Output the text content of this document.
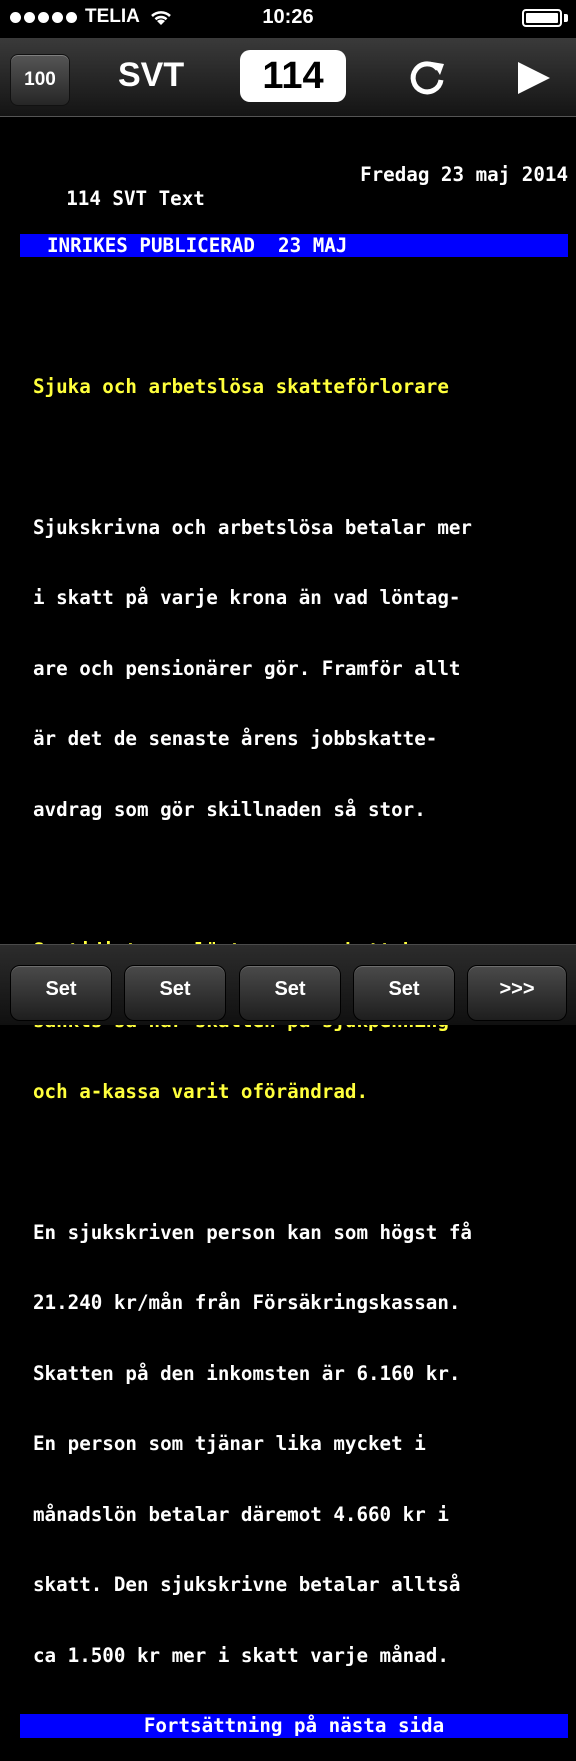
TELIA	10:26
100	SVT	114

114 SVT Text

Fredag 23 maj 2014

INRIKES PUBLICERAD  23 MAJ

Sjuka och arbetslösa skatteförlorare

Sjukskrivna och arbetslösa betalar mer

i skatt på varje krona än vad löntag-

are och pensionärer gör. Framför allt

är det de senaste årens jobbskatte-

avdrag som gör skillnaden så stor.

och a-kassa varit oförändrad.

En sjukskriven person kan som högst få

21.240 kr/mån från Försäkringskassan.

Skatten på den inkomsten är 6.160 kr.

En person som tjänar lika mycket i

månadslön betalar däremot 4.660 kr i

skatt. Den sjukskrivne betalar alltså

ca 1.500 kr mer i skatt varje månad.

Fortsättning på nästa sida

Set	Set	Set	Set	>>>
